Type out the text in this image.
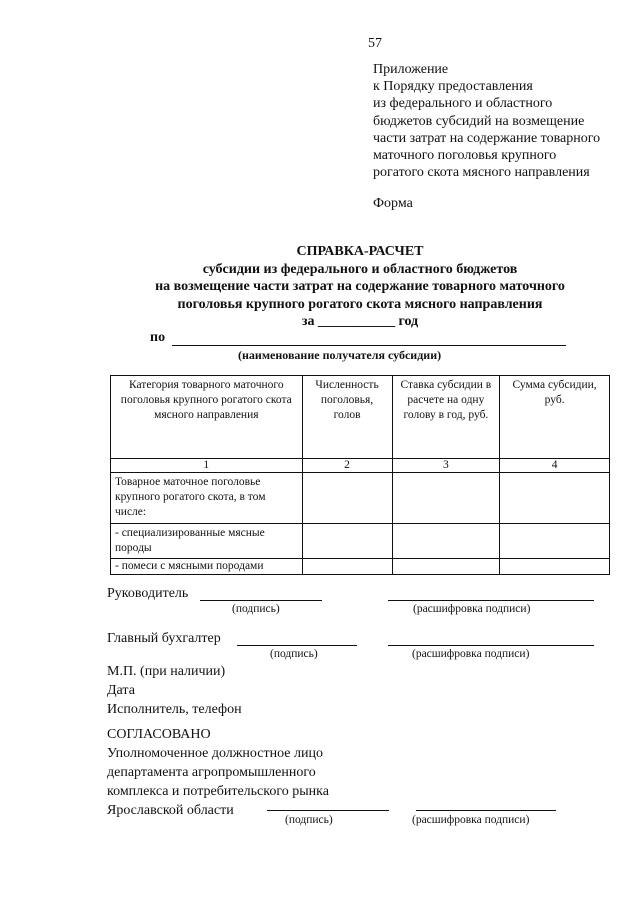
57
Приложение
к Порядку предоставления
из федерального и областного
бюджетов субсидий на возмещение
части затрат на содержание товарного
маточного поголовья крупного
рогатого скота мясного направления
Форма
СПРАВКА-РАСЧЕТ
субсидии из федерального и областного бюджетов
на возмещение части затрат на содержание товарного маточного
поголовья крупного рогатого скота мясного направления
за ___________ год
по
(наименование получателя субсидии)
Категория товарного маточного поголовья крупного рогатого скота мясного направления	Численность поголовья, голов	Ставка субсидии в расчете на одну голову в год, руб.	Сумма субсидии, руб.
1	2	3	4
Товарное маточное поголовье крупного рогатого скота, в том числе:			
- специализированные мясные породы			
- помеси с мясными породами			
Руководитель
(подпись)	(расшифровка подписи)
Главный бухгалтер
(подпись)	(расшифровка подписи)
М.П. (при наличии)
Дата
Исполнитель, телефон
СОГЛАСОВАНО
Уполномоченное должностное лицо
департамента агропромышленного
комплекса и потребительского рынка
Ярославской области
(подпись)	(расшифровка подписи)
